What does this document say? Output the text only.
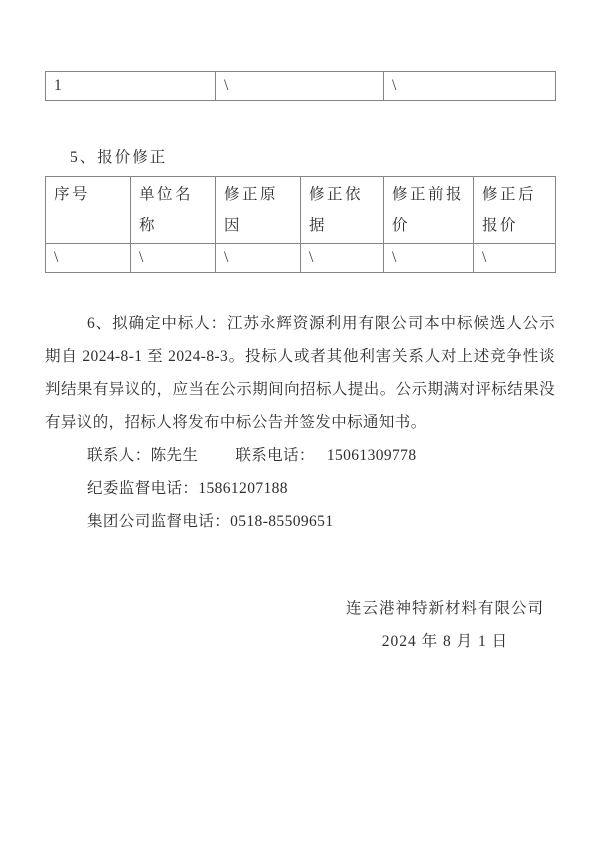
1	\	\
5、报价修正
序号	单位名称	修正原因	修正依据	修正前报价	修正后报价
\	\	\	\	\	\

6、拟确定中标人：江苏永辉资源利用有限公司本中标候选人公示期自 2024-8-1 至 2024-8-3。投标人或者其他利害关系人对上述竞争性谈判结果有异议的，应当在公示期间向招标人提出。公示期满对评标结果没有异议的，招标人将发布中标公告并签发中标通知书。

联系人：陈先生 联系电话： 15061309778
纪委监督电话：15861207188
集团公司监督电话：0518-85509651
连云港神特新材料有限公司
2024 年 8 月 1 日
